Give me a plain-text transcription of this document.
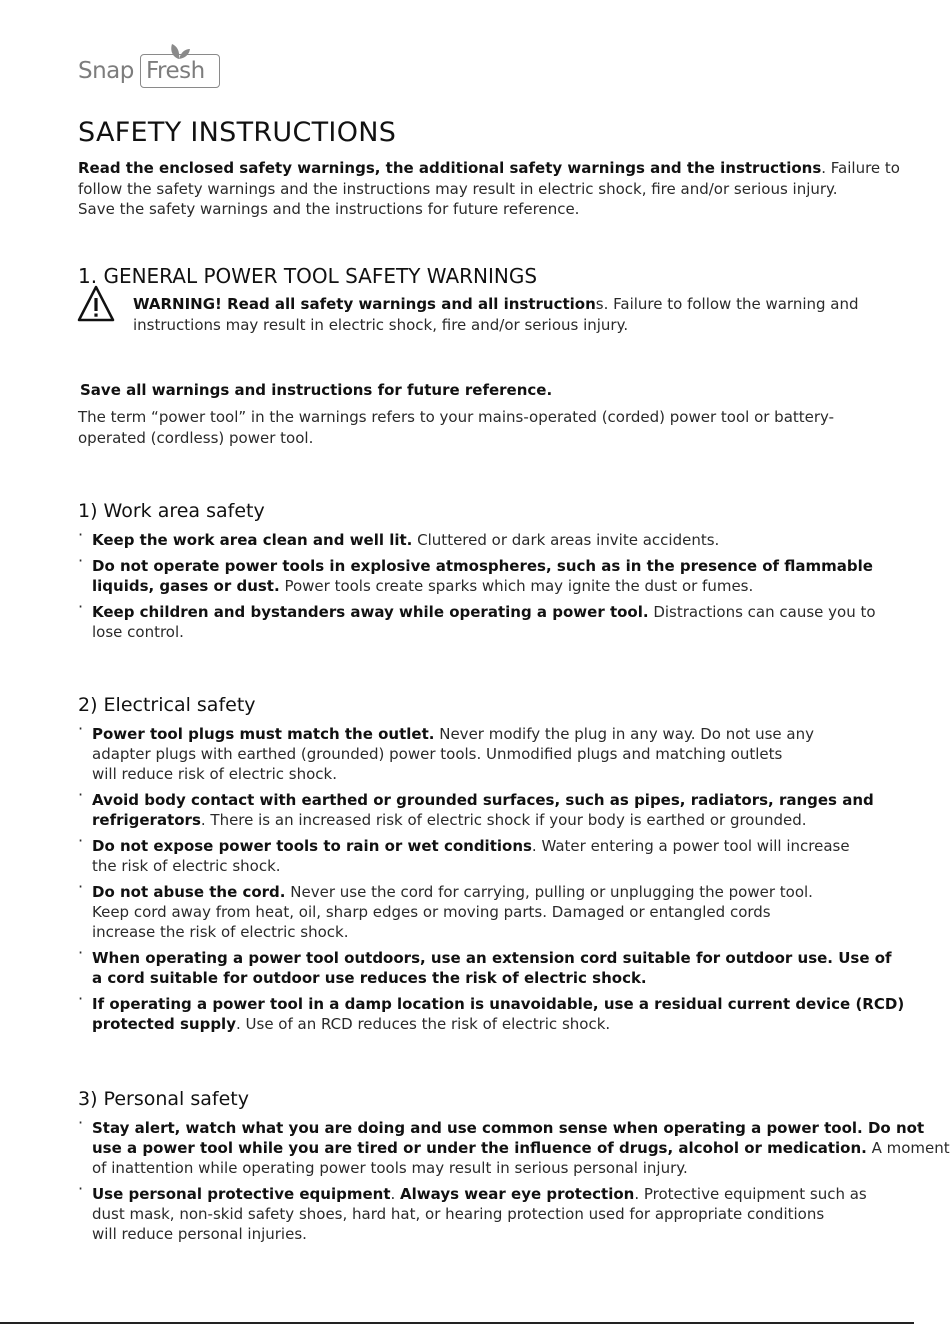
Snap Fresh
SAFETY INSTRUCTIONS
Read the enclosed safety warnings, the additional safety warnings and the instructions. Failure to
follow the safety warnings and the instructions may result in electric shock, fire and/or serious injury.
Save the safety warnings and the instructions for future reference.
1. GENERAL POWER TOOL SAFETY WARNINGS
WARNING! Read all safety warnings and all instructions. Failure to follow the warning and
instructions may result in electric shock, fire and/or serious injury.
Save all warnings and instructions for future reference.
The term “power tool” in the warnings refers to your mains-operated (corded) power tool or battery-
operated (cordless) power tool.
1) Work area safety
· Keep the work area clean and well lit. Cluttered or dark areas invite accidents.
· Do not operate power tools in explosive atmospheres, such as in the presence of flammable
liquids, gases or dust. Power tools create sparks which may ignite the dust or fumes.
· Keep children and bystanders away while operating a power tool. Distractions can cause you to
lose control.
2) Electrical safety
· Power tool plugs must match the outlet. Never modify the plug in any way. Do not use any
adapter plugs with earthed (grounded) power tools. Unmodified plugs and matching outlets
will reduce risk of electric shock.
· Avoid body contact with earthed or grounded surfaces, such as pipes, radiators, ranges and
refrigerators. There is an increased risk of electric shock if your body is earthed or grounded.
· Do not expose power tools to rain or wet conditions. Water entering a power tool will increase
the risk of electric shock.
· Do not abuse the cord. Never use the cord for carrying, pulling or unplugging the power tool.
Keep cord away from heat, oil, sharp edges or moving parts. Damaged or entangled cords
increase the risk of electric shock.
· When operating a power tool outdoors, use an extension cord suitable for outdoor use. Use of
a cord suitable for outdoor use reduces the risk of electric shock.
· If operating a power tool in a damp location is unavoidable, use a residual current device (RCD)
protected supply. Use of an RCD reduces the risk of electric shock.
3) Personal safety
· Stay alert, watch what you are doing and use common sense when operating a power tool. Do not
use a power tool while you are tired or under the influence of drugs, alcohol or medication. A moment
of inattention while operating power tools may result in serious personal injury.
· Use personal protective equipment. Always wear eye protection. Protective equipment such as
dust mask, non-skid safety shoes, hard hat, or hearing protection used for appropriate conditions
will reduce personal injuries.
